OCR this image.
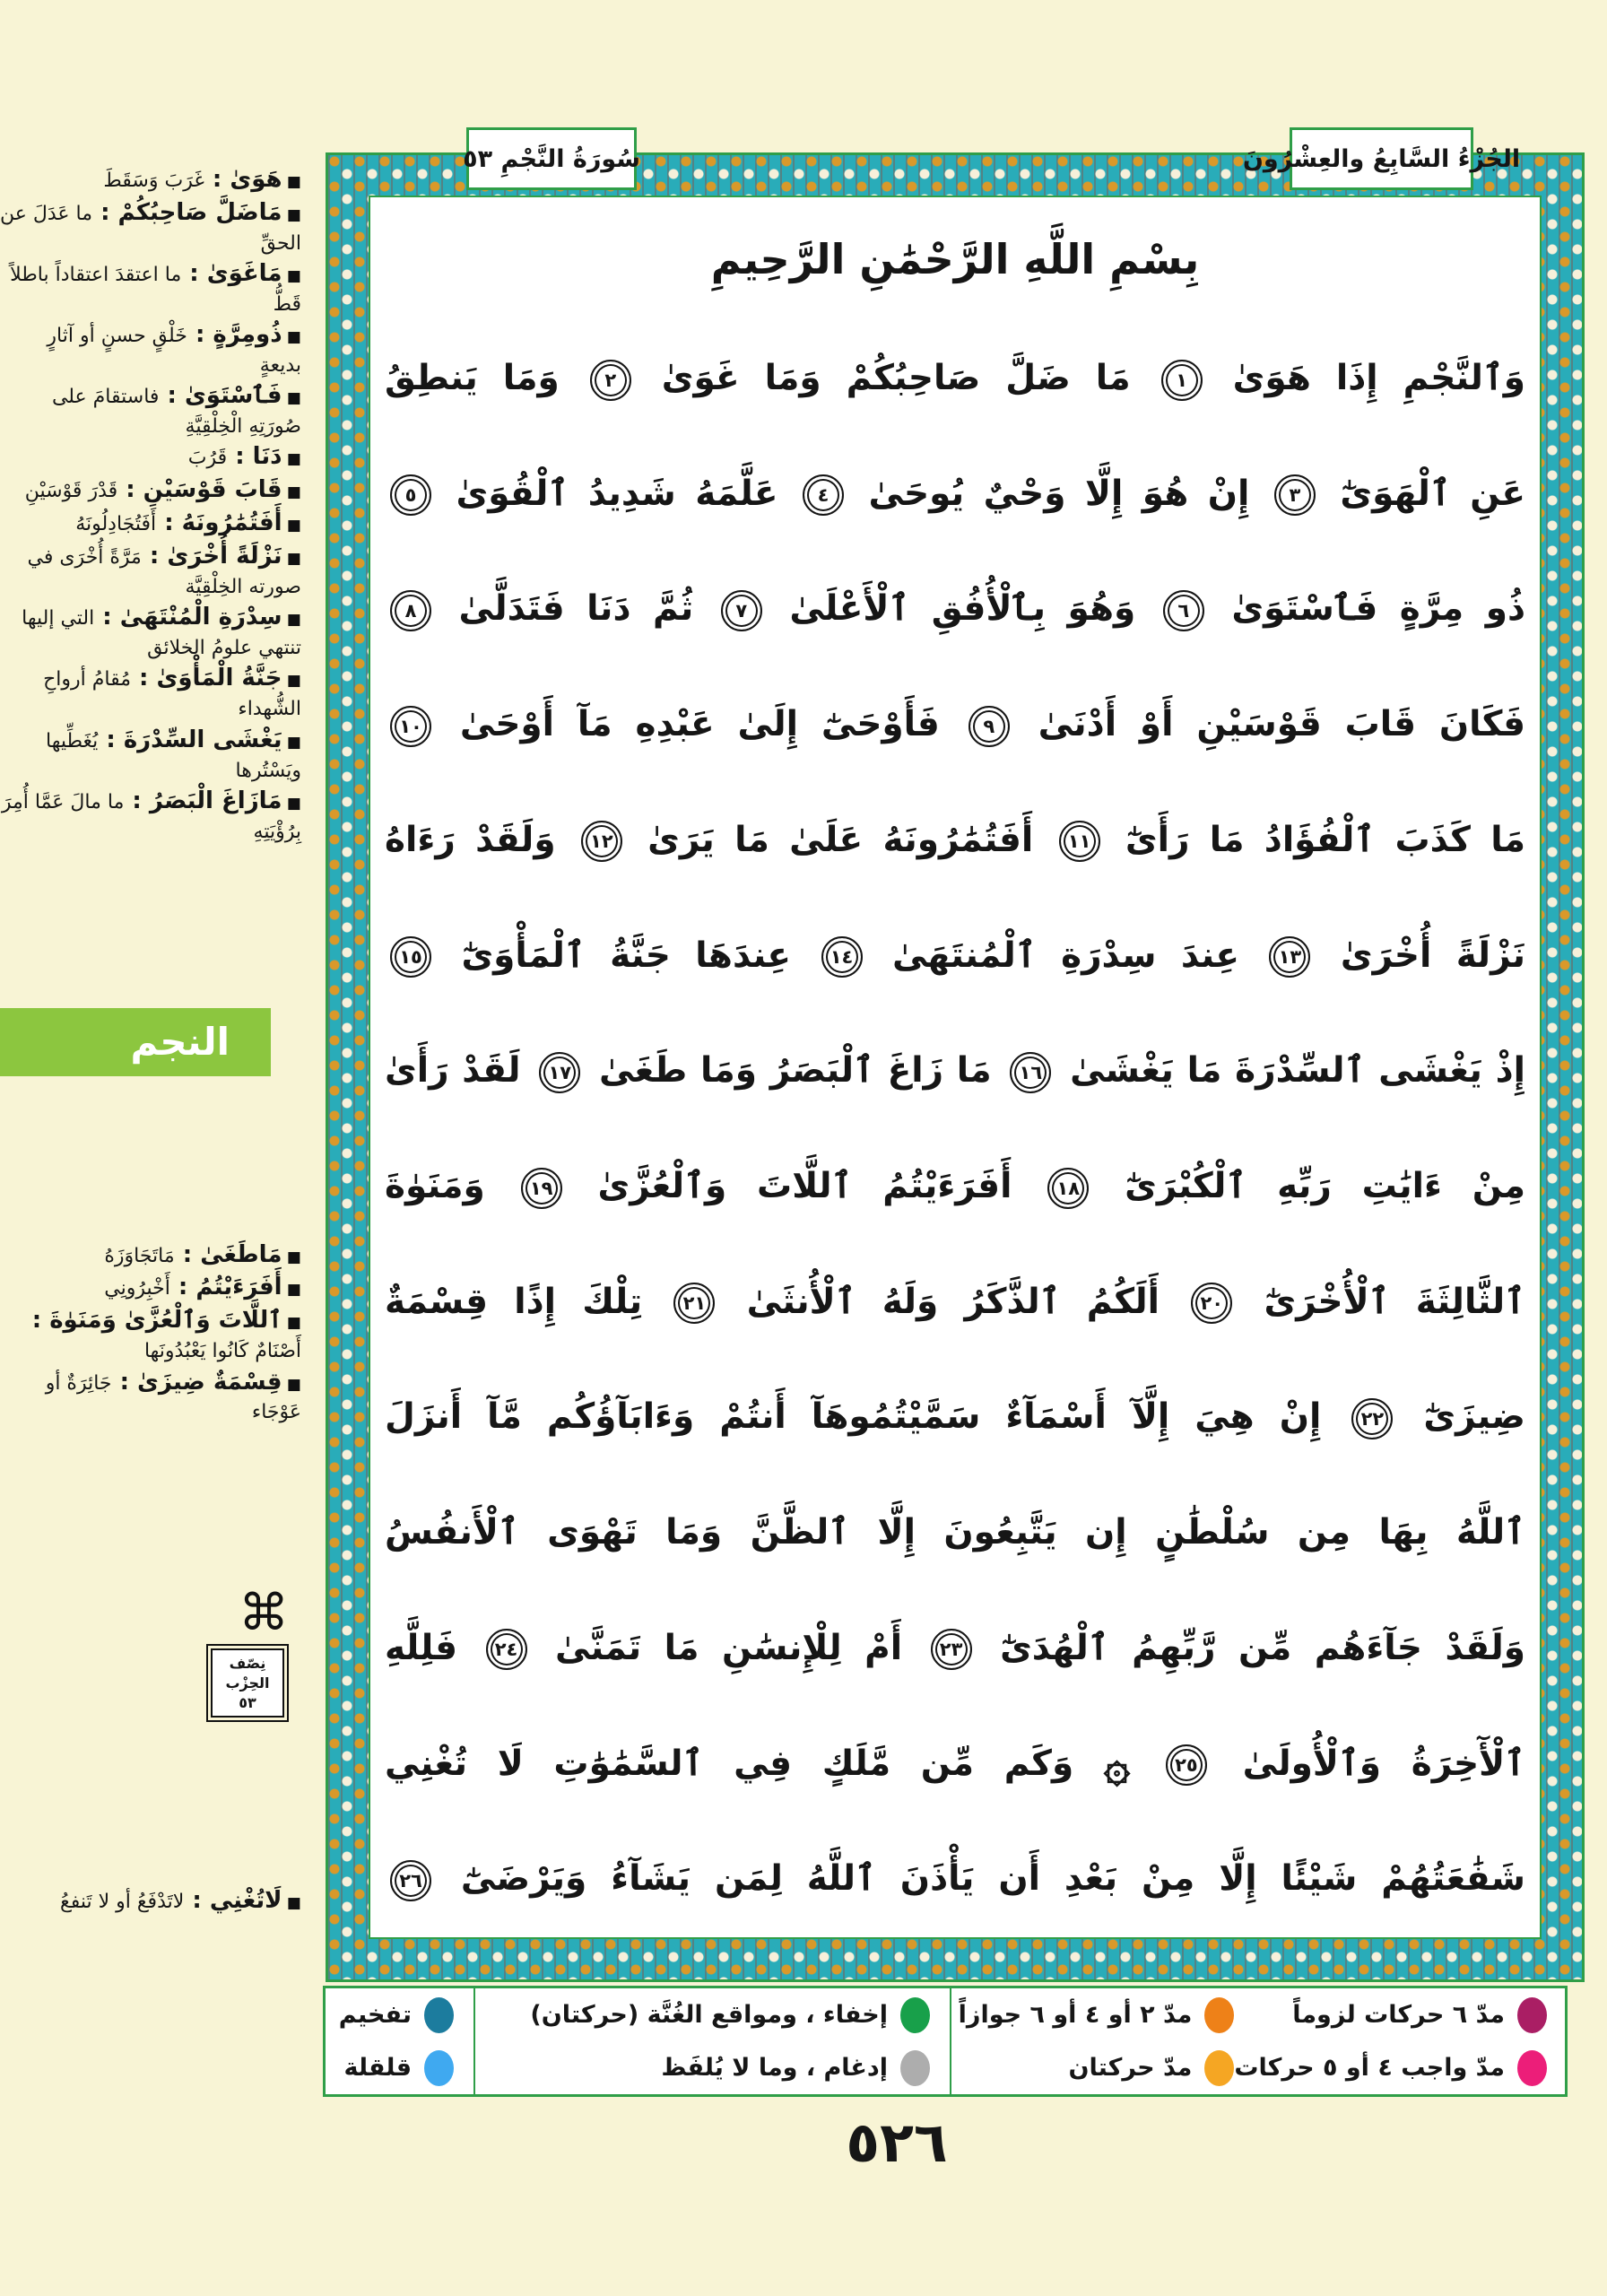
سُورَةُ النَّجْمِ ٥٣	الجُزْءُ السَّابِعُ والعِشْرُونَ
بِسْمِ اللَّهِ الرَّحْمَٰنِ الرَّحِيمِ
وَٱلنَّجْمِ إِذَا هَوَىٰ ١ مَا ضَلَّ صَاحِبُكُمْ وَمَا غَوَىٰ ٢ وَمَا يَنطِقُ
عَنِ ٱلْهَوَىٰٓ ٣ إِنْ هُوَ إِلَّا وَحْيٌ يُوحَىٰ ٤ عَلَّمَهُ شَدِيدُ ٱلْقُوَىٰ ٥
ذُو مِرَّةٍ فَٱسْتَوَىٰ ٦ وَهُوَ بِٱلْأُفُقِ ٱلْأَعْلَىٰ ٧ ثُمَّ دَنَا فَتَدَلَّىٰ ٨
فَكَانَ قَابَ قَوْسَيْنِ أَوْ أَدْنَىٰ ٩ فَأَوْحَىٰٓ إِلَىٰ عَبْدِهِ مَآ أَوْحَىٰ ١٠
مَا كَذَبَ ٱلْفُؤَادُ مَا رَأَىٰٓ ١١ أَفَتُمَٰرُونَهُ عَلَىٰ مَا يَرَىٰ ١٢ وَلَقَدْ رَءَاهُ
نَزْلَةً أُخْرَىٰ ١٣ عِندَ سِدْرَةِ ٱلْمُنتَهَىٰ ١٤ عِندَهَا جَنَّةُ ٱلْمَأْوَىٰٓ ١٥
إِذْ يَغْشَى ٱلسِّدْرَةَ مَا يَغْشَىٰ ١٦ مَا زَاغَ ٱلْبَصَرُ وَمَا طَغَىٰ ١٧ لَقَدْ رَأَىٰ
مِنْ ءَايَٰتِ رَبِّهِ ٱلْكُبْرَىٰٓ ١٨ أَفَرَءَيْتُمُ ٱللَّاتَ وَٱلْعُزَّىٰ ١٩ وَمَنَوٰةَ
ٱلثَّالِثَةَ ٱلْأُخْرَىٰٓ ٢٠ أَلَكُمُ ٱلذَّكَرُ وَلَهُ ٱلْأُنثَىٰ ٢١ تِلْكَ إِذًا قِسْمَةٌ
ضِيزَىٰٓ ٢٢ إِنْ هِيَ إِلَّآ أَسْمَآءٌ سَمَّيْتُمُوهَآ أَنتُمْ وَءَابَآؤُكُم مَّآ أَنزَلَ
ٱللَّهُ بِهَا مِن سُلْطَٰنٍ إِن يَتَّبِعُونَ إِلَّا ٱلظَّنَّ وَمَا تَهْوَى ٱلْأَنفُسُ
وَلَقَدْ جَآءَهُم مِّن رَّبِّهِمُ ٱلْهُدَىٰٓ ٢٣ أَمْ لِلْإِنسَٰنِ مَا تَمَنَّىٰ ٢٤ فَلِلَّهِ
ٱلْأٓخِرَةُ وَٱلْأُولَىٰ ٢٥ ۞ وَكَم مِّن مَّلَكٍ فِي ٱلسَّمَٰوَٰتِ لَا تُغْنِي
شَفَٰعَتُهُمْ شَيْئًا إِلَّا مِنْ بَعْدِ أَن يَأْذَنَ ٱللَّهُ لِمَن يَشَآءُ وَيَرْضَىٰٓ ٢٦
■ هَوَىٰ : غَرَبَ وَسَقَطَ
■ مَاضَلَّ صَاحِبُكُمْ : ما عَدَلَ عن الحقِّ
■ مَاغَوَىٰ : ما اعتقدَ اعتقاداً باطلاً قَطُّ
■ ذُومِرَّةٍ : خَلْقٍ حسنٍ أو آثارٍ بديعةٍ
■ فَٱسْتَوَىٰ : فاستقامَ على صُورَتِهِ الْخِلْقِيَّةِ
■ دَنَا : قَرُبَ
■ قَابَ قَوْسَيْنِ : قَدْرَ قَوْسَيْنِ
■ أَفَتُمَٰرُونَهُ : أَفَتُجَادِلُونَهُ
■ نَزْلَةً أُخْرَىٰ : مَرَّةً أُخْرَى في صورته الخِلْقِيَّة
■ سِدْرَةِ الْمُنْتَهَىٰ : التي إليها تنتهي علومُ الخلائق
■ جَنَّةُ الْمَأْوَىٰ : مُقامُ أرواحِ الشُّهداء
■ يَغْشَى السِّدْرَةَ : يُغَطِّيها ويَسْتُرها
■ مَازَاغَ الْبَصَرُ : ما مالَ عَمَّا أُمِرَ بِرُؤْيَتِهِ
النجم
■ مَاطَغَىٰ : مَاتَجَاوَزَهُ
■ أَفَرَءَيْتُمُ : أَخْبِرُونِي
■ ٱللَّاتَ وَٱلْعُزَّىٰ وَمَنَوٰةَ : أَصْنَامٌ كَانُوا يَعْبُدُونَها
■ قِسْمَةٌ ضِيزَىٰ : جَائِرَةٌ أو عَوْجَاء
⌘
نِصّف
الحِزْب
٥٣
■ لَاتُغْنِي : لاتَدْفَعُ أو لا تَنفعُ
مدّ ٦ حركات لزوماً
مدّ ٢ أو ٤ أو ٦ جوازاً
مدّ واجب ٤ أو ٥ حركات
مدّ حركتان
إخفاء ، ومواقع الغُنَّة (حركتان)
إدغام ، وما لا يُلفَظ
تفخيم
قلقلة
٥٢٦
